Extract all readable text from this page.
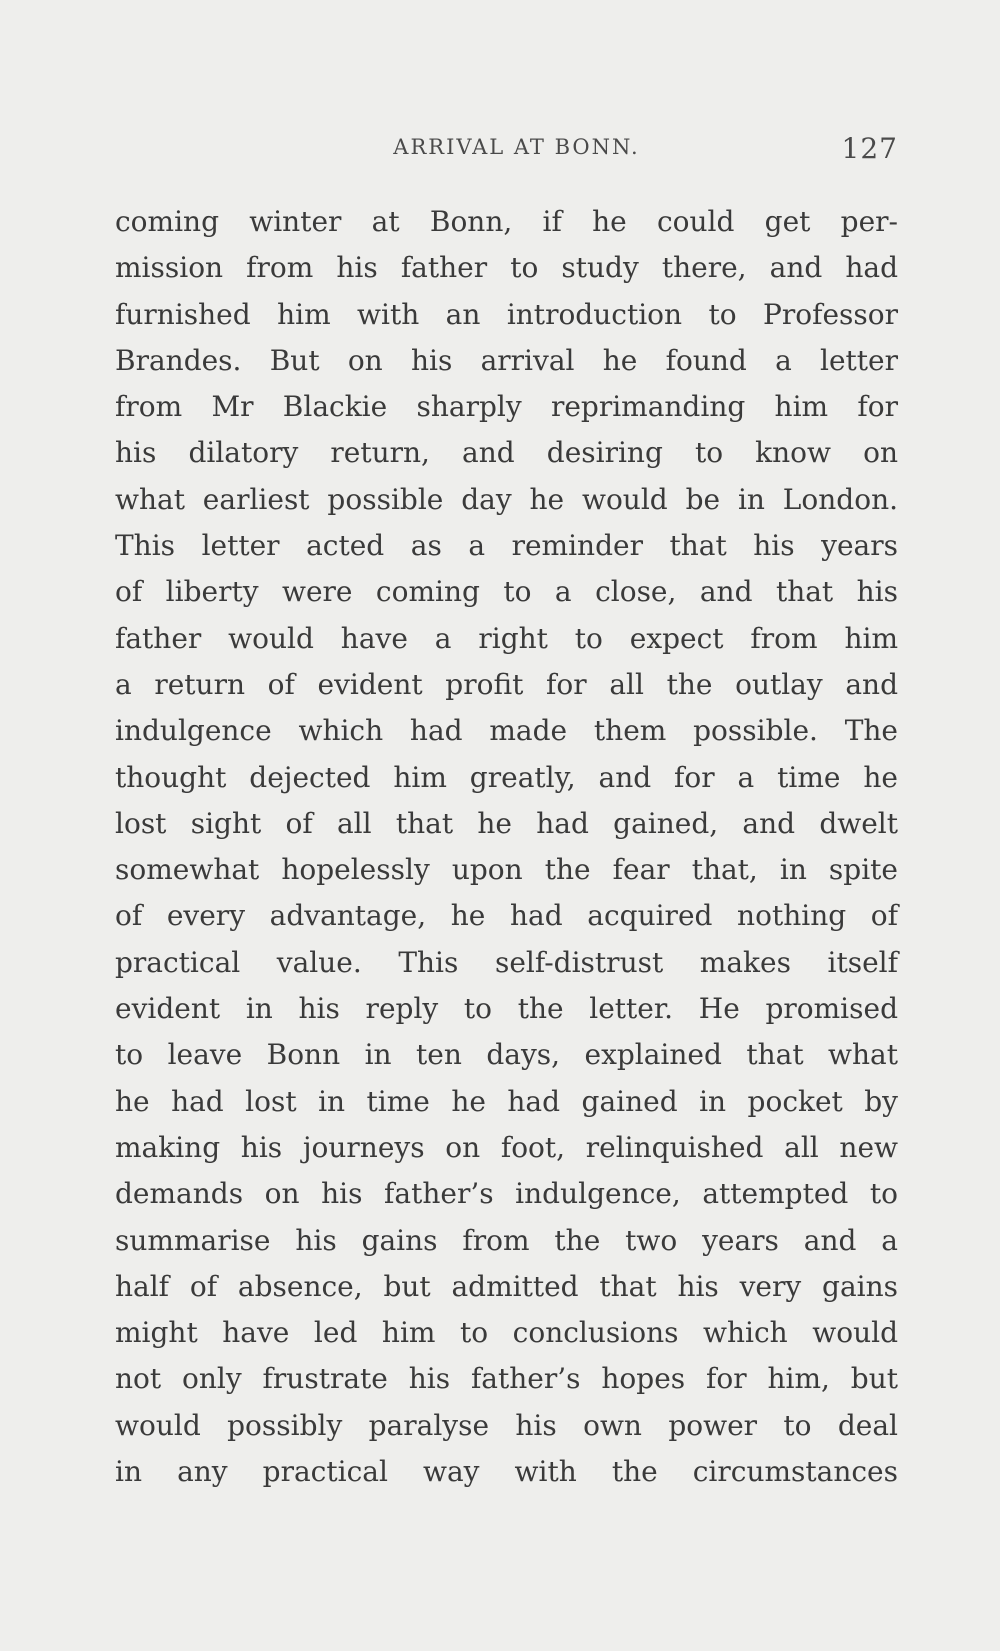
ARRIVAL AT BONN.	127
coming winter at Bonn, if he could get per-
mission from his father to study there, and had
furnished him with an introduction to Professor
Brandes. But on his arrival he found a letter
from Mr Blackie sharply reprimanding him for
his dilatory return, and desiring to know on
what earliest possible day he would be in London.
This letter acted as a reminder that his years
of liberty were coming to a close, and that his
father would have a right to expect from him
a return of evident profit for all the outlay and
indulgence which had made them possible. The
thought dejected him greatly, and for a time he
lost sight of all that he had gained, and dwelt
somewhat hopelessly upon the fear that, in spite
of every advantage, he had acquired nothing of
practical value. This self-distrust makes itself
evident in his reply to the letter. He promised
to leave Bonn in ten days, explained that what
he had lost in time he had gained in pocket by
making his journeys on foot, relinquished all new
demands on his father’s indulgence, attempted to
summarise his gains from the two years and a
half of absence, but admitted that his very gains
might have led him to conclusions which would
not only frustrate his father’s hopes for him, but
would possibly paralyse his own power to deal
in any practical way with the circumstances
